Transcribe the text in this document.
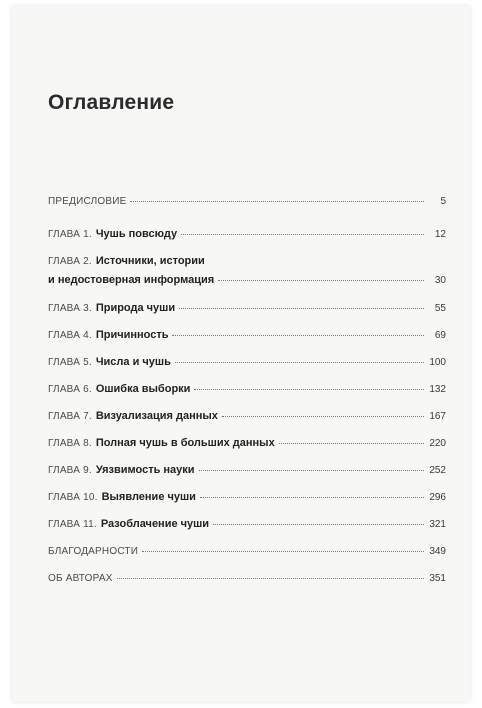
Оглавление
ПРЕДИСЛОВИЕ	5
ГЛАВА 1. Чушь повсюду	12
ГЛАВА 2. Источники, истории
и недостоверная информация	30
ГЛАВА 3. Природа чуши	55
ГЛАВА 4. Причинность	69
ГЛАВА 5. Числа и чушь	100
ГЛАВА 6. Ошибка выборки	132
ГЛАВА 7. Визуализация данных	167
ГЛАВА 8. Полная чушь в больших данных	220
ГЛАВА 9. Уязвимость науки	252
ГЛАВА 10. Выявление чуши	296
ГЛАВА 11. Разоблачение чуши	321
БЛАГОДАРНОСТИ	349
ОБ АВТОРАХ	351
